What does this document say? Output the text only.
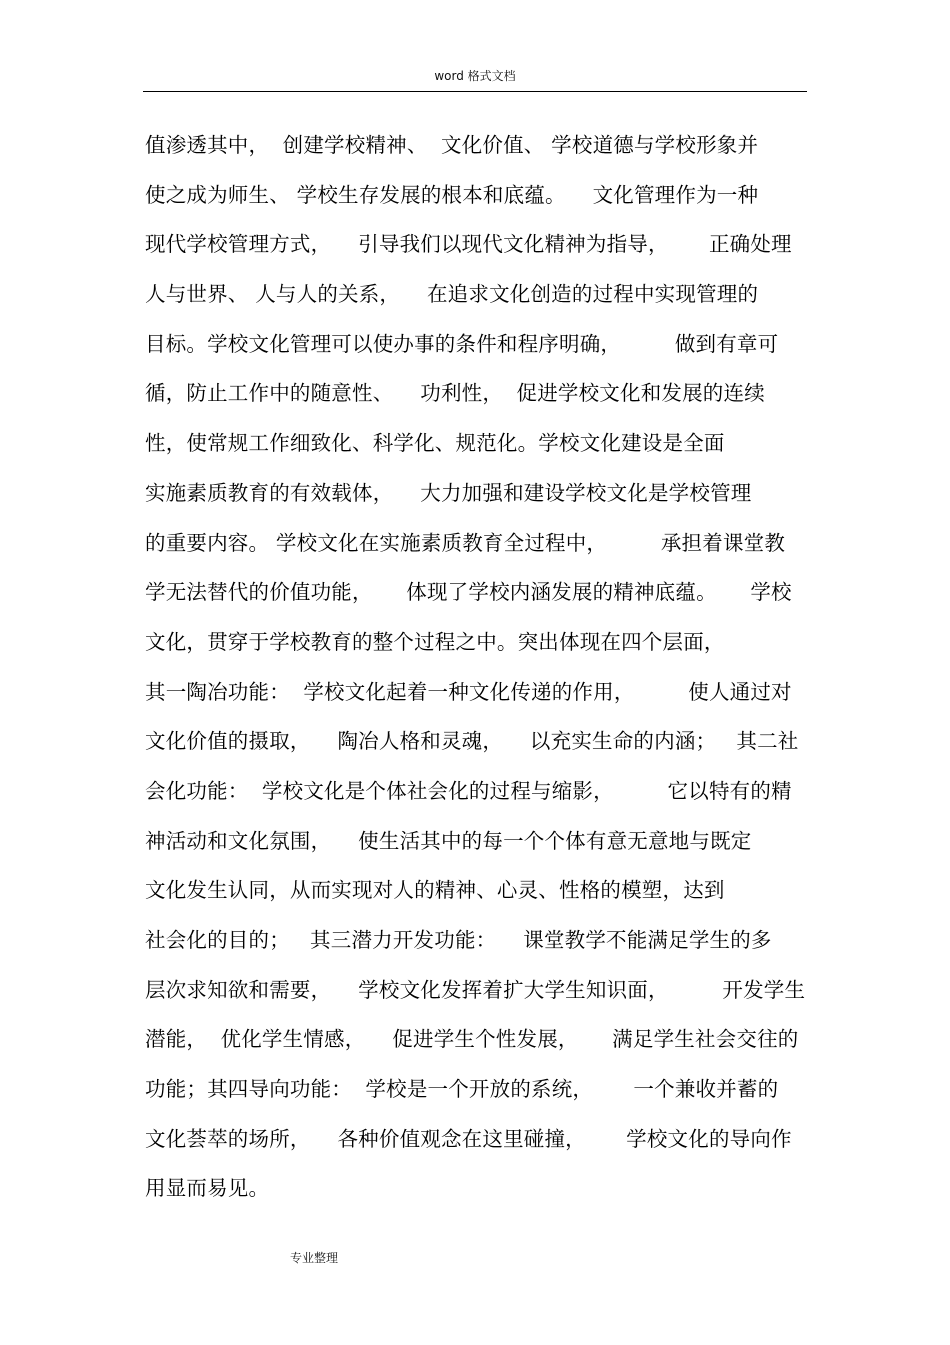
word 格式文档
值渗透其中，  创建学校精神、  文化价值、 学校道德与学校形象并
使之成为师生、 学校生存发展的根本和底蕴。    文化管理作为一种
现代学校管理方式，    引导我们以现代文化精神为指导，      正确处理
人与世界、 人与人的关系，    在追求文化创造的过程中实现管理的
目标。学校文化管理可以使办事的条件和程序明确，        做到有章可
循，防止工作中的随意性、    功利性，  促进学校文化和发展的连续
性，使常规工作细致化、科学化、规范化。学校文化建设是全面
实施素质教育的有效载体，    大力加强和建设学校文化是学校管理
的重要内容。 学校文化在实施素质教育全过程中，        承担着课堂教
学无法替代的价值功能，     体现了学校内涵发展的精神底蕴。     学校
文化，贯穿于学校教育的整个过程之中。突出体现在四个层面，
其一陶冶功能：  学校文化起着一种文化传递的作用，        使人通过对
文化价值的摄取，    陶冶人格和灵魂，    以充实生命的内涵；   其二社
会化功能：  学校文化是个体社会化的过程与缩影，        它以特有的精
神活动和文化氛围，    使生活其中的每一个个体有意无意地与既定
文化发生认同，从而实现对人的精神、心灵、性格的模塑，达到
社会化的目的；   其三潜力开发功能：    课堂教学不能满足学生的多
层次求知欲和需要，    学校文化发挥着扩大学生知识面，        开发学生
潜能，  优化学生情感，    促进学生个性发展，     满足学生社会交往的
功能；其四导向功能：  学校是一个开放的系统，      一个兼收并蓄的
文化荟萃的场所，    各种价值观念在这里碰撞，      学校文化的导向作
用显而易见。
专业整理
